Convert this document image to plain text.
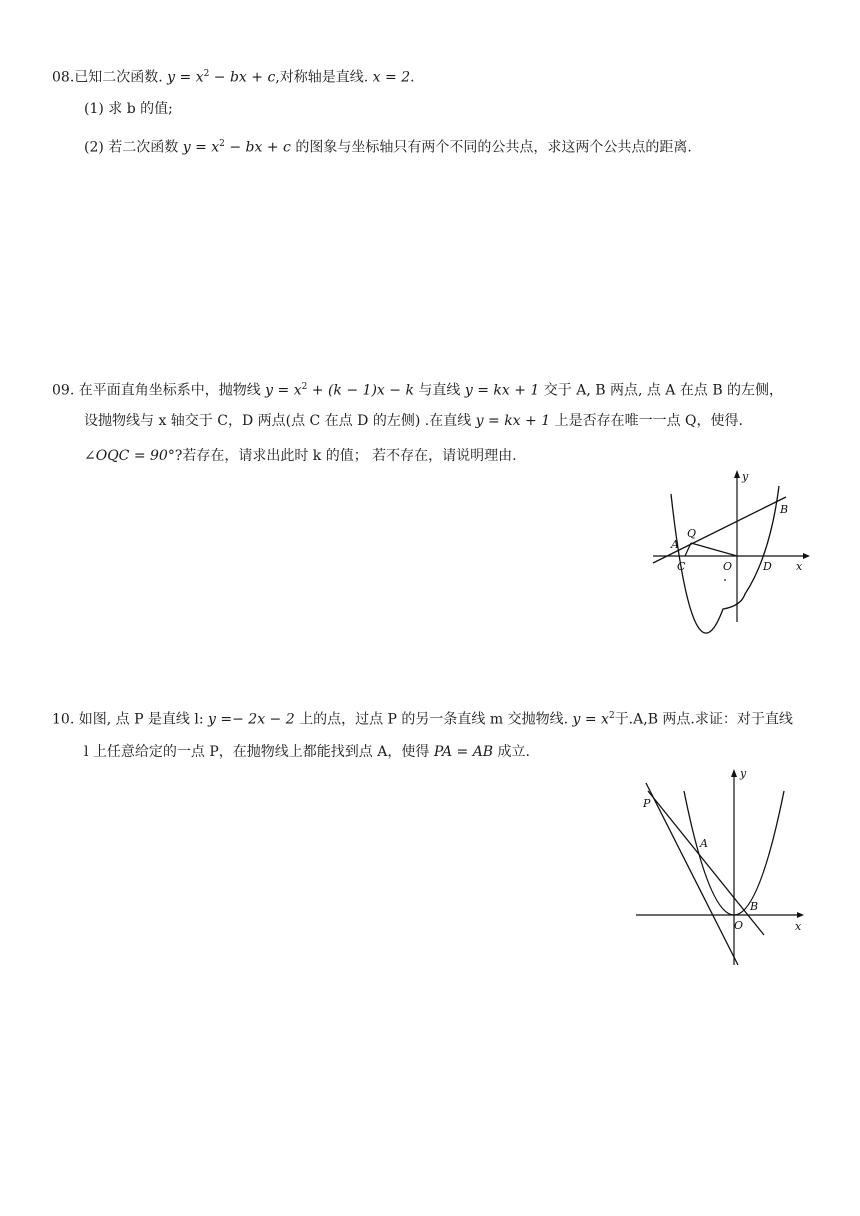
08.已知二次函数. $y = x^2$ − bx + c,对称轴是直线. x = 2.
(1) 求 b 的值;
(2) 若二次函数 $y = x^2$ − bx + c 的图象与坐标轴只有两个不同的公共点，求这两个公共点的距离.
09. 在平面直角坐标系中，抛物线 $y = x^2 + (k - 1)x - k$ 与直线 y = kx + 1 交于 A, B 两点, 点 A 在点 B 的左侧，
设抛物线与 x 轴交于 C，D 两点(点 C 在点 D 的左侧) .在直线 y = kx + 1 上是否存在唯一一点 Q，使得.
∠OQC = 90°?若存在，请求出此时 k 的值； 若不存在，请说明理由.
y
x
B
Q
A
C	O	D
10. 如图, 点 P 是直线 l: y =− 2x − 2 上的点，过点 P 的另一条直线 m 交抛物线. $y = x^2$于.A,B 两点.求证：对于直线
l 上任意给定的一点 P，在抛物线上都能找到点 A，使得 PA = AB 成立.
y
x
P
A
B
O
